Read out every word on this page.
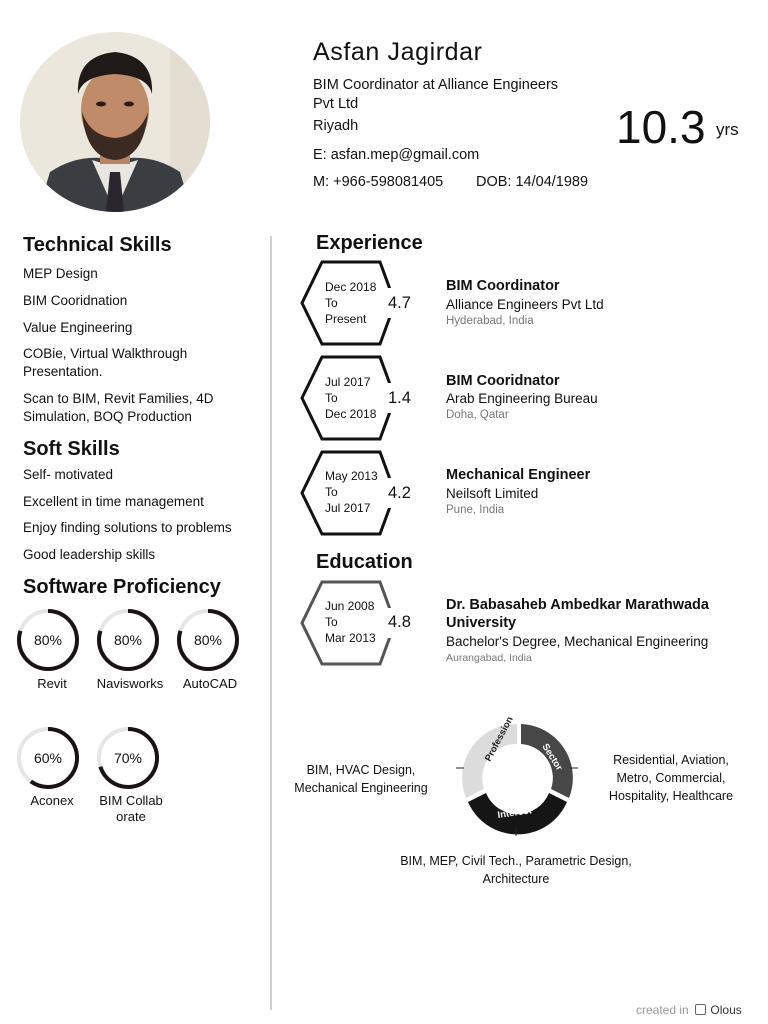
Asfan Jagirdar
BIM Coordinator at Alliance Engineers
Pvt Ltd
Riyadh
E: asfan.mep@gmail.com
M: +966-598081405 DOB: 14/04/1989
10.3 yrs
Technical Skills
MEP Design
BIM Cooridnation
Value Engineering
COBie, Virtual Walkthrough Presentation.
Scan to BIM, Revit Families, 4D Simulation, BOQ Production
Soft Skills
Self- motivated
Excellent in time management
Enjoy finding solutions to problems
Good leadership skills
Software Proficiency
80%
Revit
80%
Navisworks
80%
AutoCAD
60%
Aconex
70%
BIM Collaborate
Experience
Dec 2018
To
Present
4.7
BIM Coordinator
Alliance Engineers Pvt Ltd
Hyderabad, India
Jul 2017
To
Dec 2018
1.4
BIM Cooridnator
Arab Engineering Bureau
Doha, Qatar
May 2013
To
Jul 2017
4.2
Mechanical Engineer
Neilsoft Limited
Pune, India
Education
Jun 2008
To
Mar 2013
4.8
Dr. Babasaheb Ambedkar Marathwada
University
Bachelor's Degree, Mechanical Engineering
Aurangabad, India
Profession	Sector
Interest
BIM, HVAC Design,
Mechanical Engineering
Residential, Aviation,
Metro, Commercial,
Hospitality, Healthcare
BIM, MEP, Civil Tech., Parametric Design,
Architecture
created in Olous
